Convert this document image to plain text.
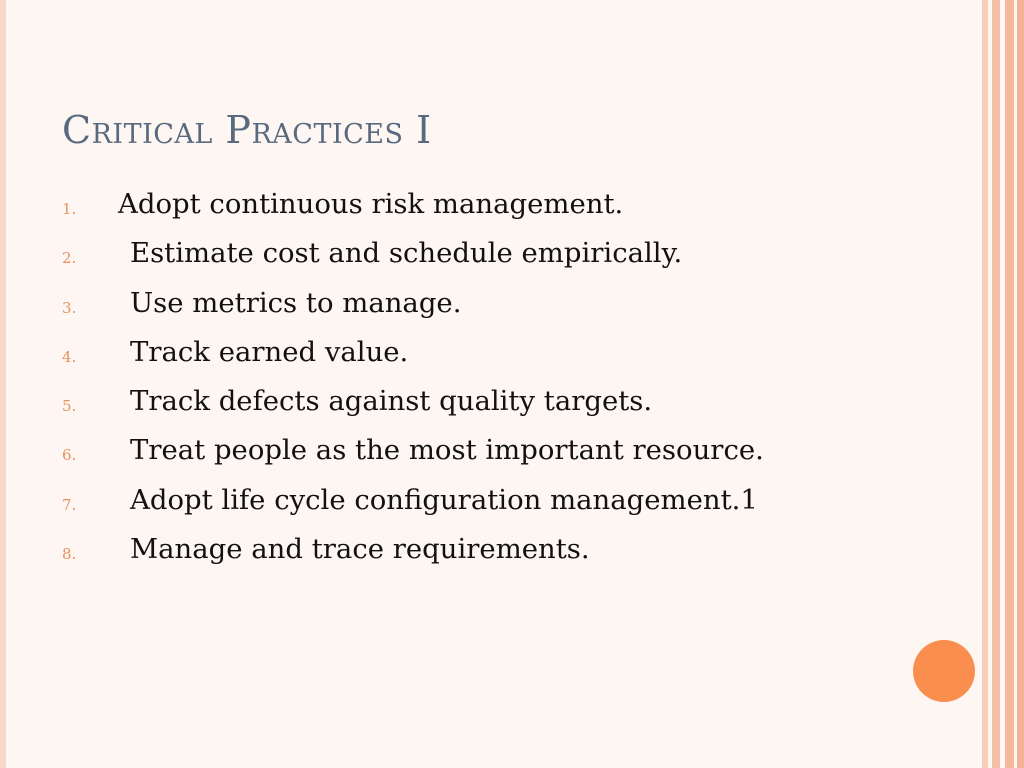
Critical Practices I
1. Adopt continuous risk management.
2. Estimate cost and schedule empirically.
3. Use metrics to manage.
4. Track earned value.
5. Track defects against quality targets.
6. Treat people as the most important resource.
7. Adopt life cycle configuration management.1
8. Manage and trace requirements.
